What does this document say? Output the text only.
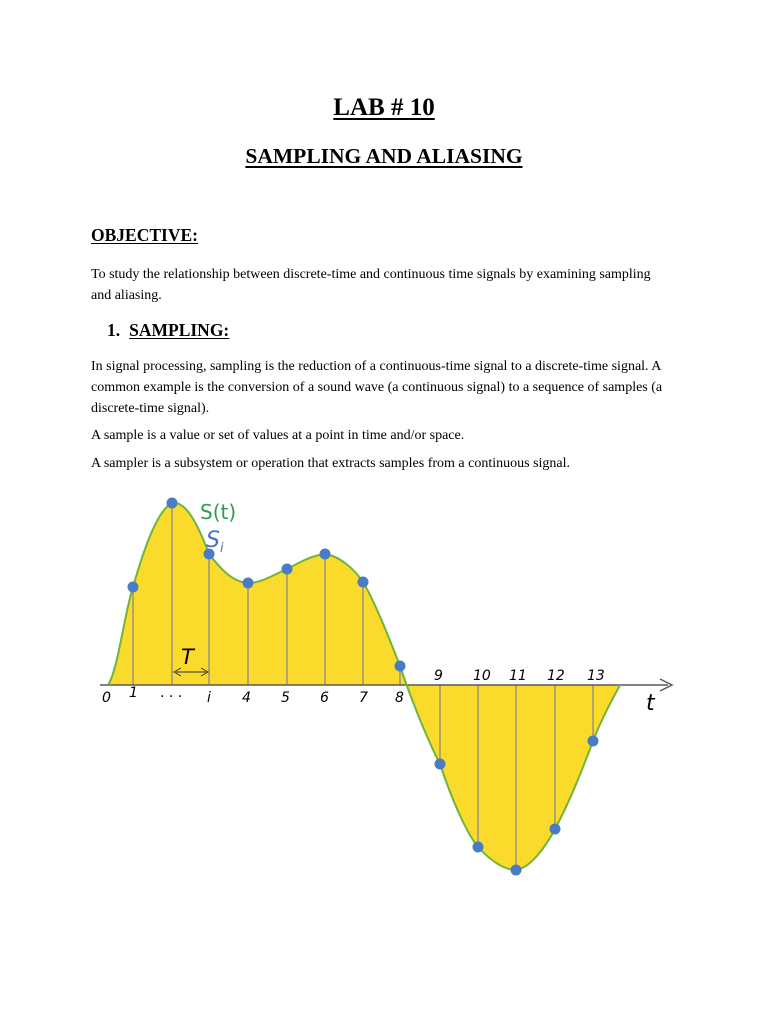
LAB # 10
SAMPLING AND ALIASING
OBJECTIVE:

To study the relationship between discrete-time and continuous time signals by examining sampling and aliasing.

1. SAMPLING:

In signal processing, sampling is the reduction of a continuous-time signal to a discrete-time signal. A common example is the conversion of a sound wave (a continuous signal) to a sequence of samples (a discrete-time signal).

A sample is a value or set of values at a point in time and/or space.

A sampler is a subsystem or operation that extracts samples from a continuous signal.

T
0 1 . . . i 4 5 6 7 8
9 10 11 12 13
t
S(t)
$S_i$
